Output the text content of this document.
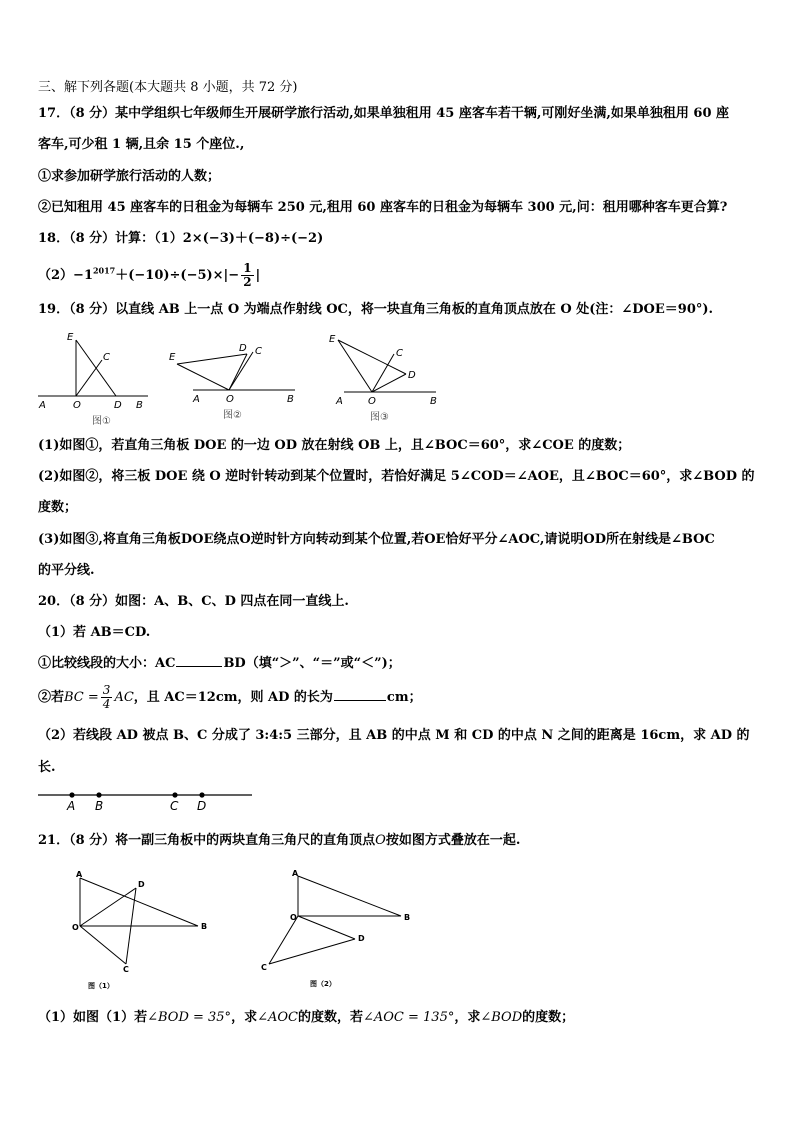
三、解下列各题(本大题共 8 小题，共 72 分)
17．（8 分）某中学组织七年级师生开展研学旅行活动,如果单独租用 45 座客车若干辆,可刚好坐满,如果单独租用 60 座
客车,可少租 1 辆,且余 15 个座位.,
①求参加研学旅行活动的人数；
②已知租用 45 座客车的日租金为每辆车 250 元,租用 60 座客车的日租金为每辆车 300 元,问：租用哪种客车更合算?
18．（8 分）计算：（1）2×(−3)＋(−8)÷(−2)
$(2)-1^{2017}+(-10)\div(-5)\times|- \frac{1}{2}$ |
19．（8 分）以直线 AB 上一点 O 为端点作射线 OC，将一块直角三角板的直角顶点放在 O 处(注：∠DOE＝90°).
E
C
A	O	D B
图①
E
D C
A	O	B
图②
E
C
D
A	O	B
图③
(1)如图①，若直角三角板 DOE 的一边 OD 放在射线 OB 上，且∠BOC＝60°，求∠COE 的度数；
(2)如图②，将三板 DOE 绕 O 逆时针转动到某个位置时，若恰好满足 5∠COD＝∠AOE，且∠BOC＝60°，求∠BOD 的
度数；
(3)如图③,将直角三角板DOE绕点O逆时针方向转动到某个位置,若OE恰好平分∠AOC,请说明OD所在射线是∠BOC
的平分线.
20．（8 分）如图：A、B、C、D 四点在同一直线上.
（1）若 AB＝CD.
①比较线段的大小：AC	BD（填“＞”、“＝”或“＜”)；
②若BC = $\frac{3}{4}$ AC，且 AC＝12cm，则 AD 的长为	cm；
（2）若线段 AD 被点 B、C 分成了 3:4:5 三部分，且 AB 的中点 M 和 CD 的中点 N 之间的距离是 16cm，求 AD 的
长.
A B	C D
21．（8 分）将一副三角板中的两块直角三角尺的直角顶点O按如图方式叠放在一起.
A
D
O	B
C
图（1）
A
O	B
D
C
图（2）
（1）如图（1）若∠BOD = 35°，求∠AOC的度数，若∠AOC = 135°，求∠BOD的度数；
